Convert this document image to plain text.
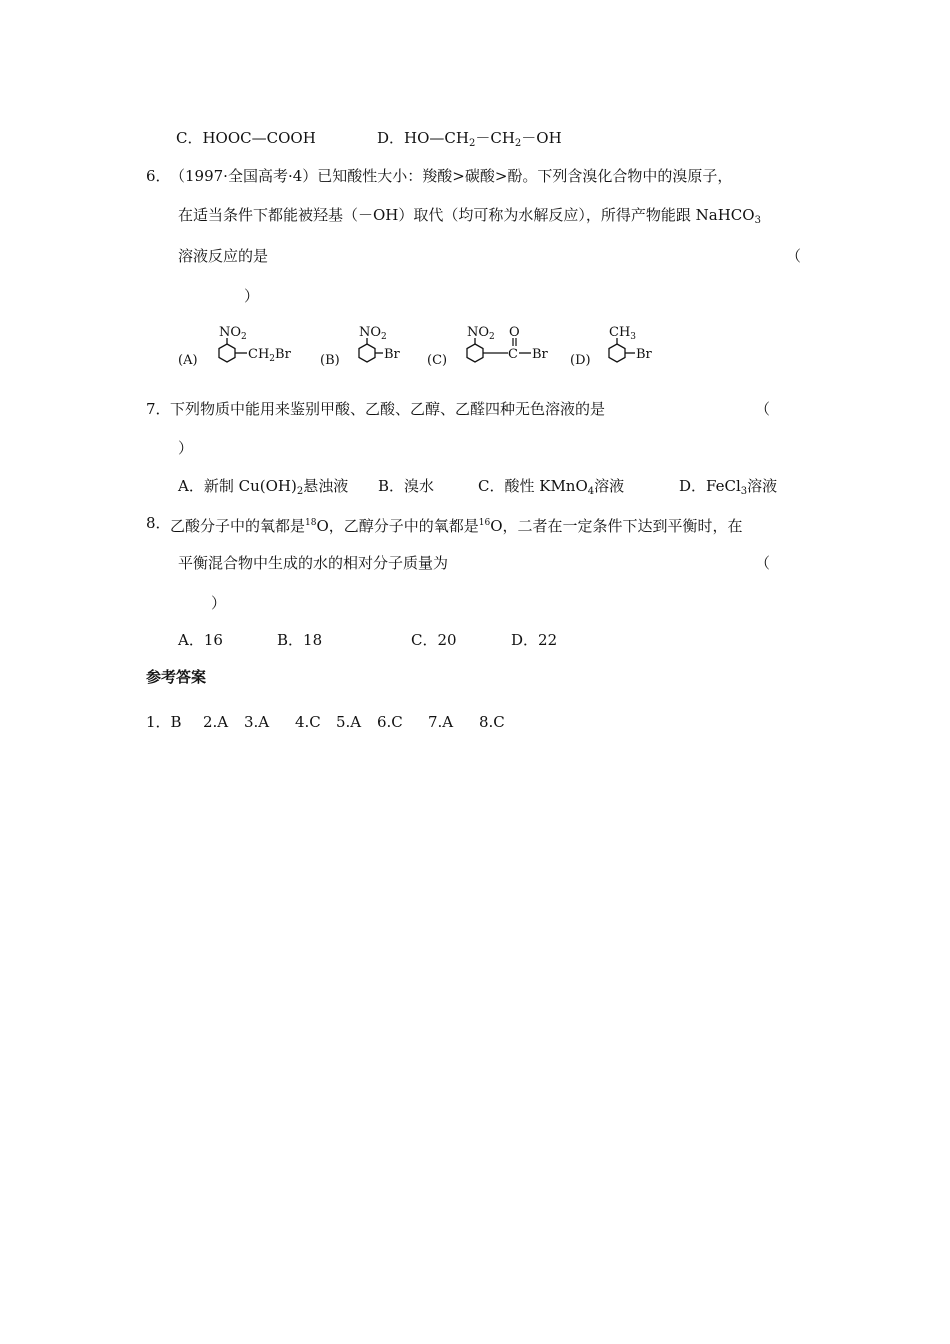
C．HOOC—COOH	D．$HO—CH_2-CH_2-OH$
6． （1997·全国高考·4）已知酸性大小：羧酸>碳酸>酚。下列含溴化合物中的溴原子，
在适当条件下都能被羟基（－OH）取代（均可称为水解反应），所得产物能跟 NaHCO$_3$
溶液反应的是	（
）
(A)
$NO_2$
$CH_2Br$ (B)
$NO_2$
Br (C)
$NO_2$
C
O
Br (D)
$CH_3$
Br
7． 下列物质中能用来鉴别甲酸、乙酸、乙醇、乙醛四种无色溶液的是	（
）
A．新制 $Cu(OH)_2$悬浊液 B．溴水	C．酸性 KMnO$_4$溶液	D．FeCl$_3$溶液
8． 乙酸分子中的氧都是$^{18}$O，乙醇分子中的氧都是$^{16}$O，二者在一定条件下达到平衡时，在
平衡混合物中生成的水的相对分子质量为	（
）
A．16	B．18	C．20	D．22
参考答案
1．B 2.A 3.A 4.C 5.A 6.C 7.A 8.C
